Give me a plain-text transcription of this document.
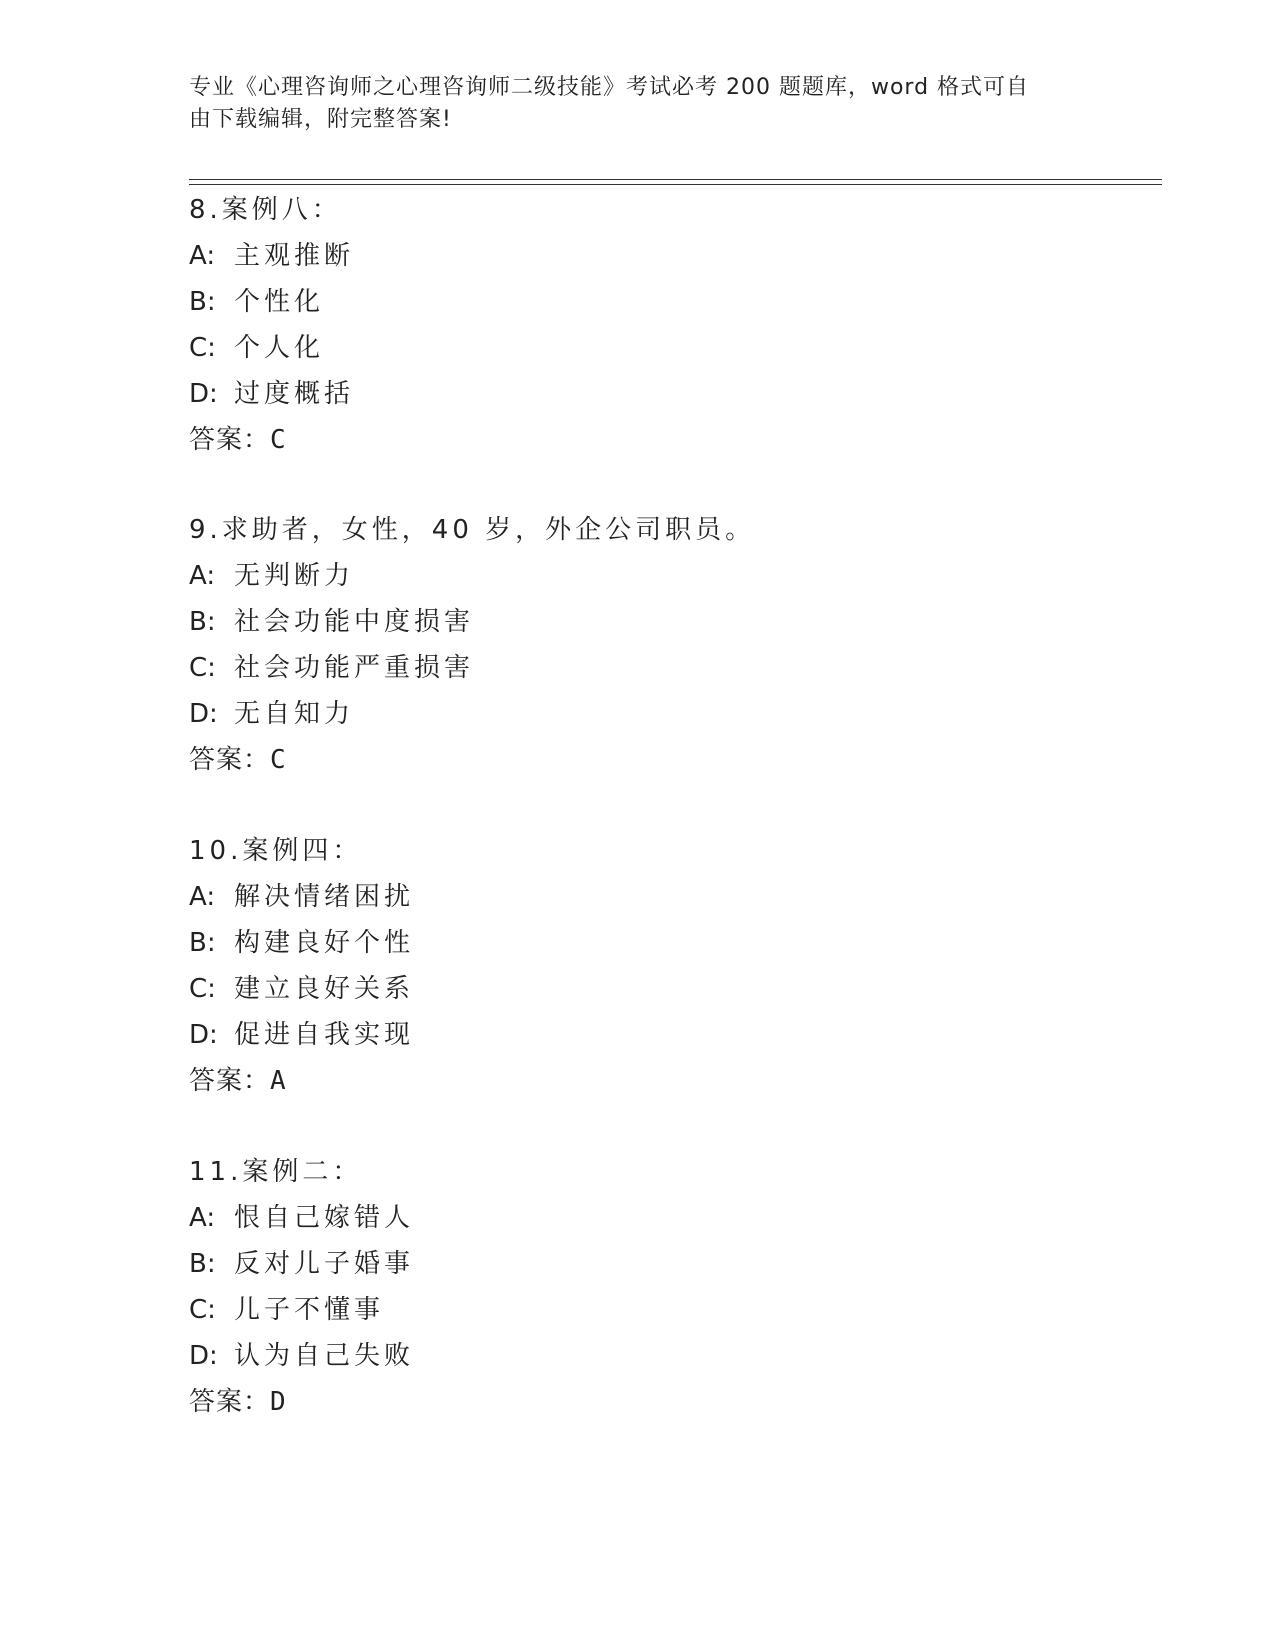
专业《心理咨询师之心理咨询师二级技能》考试必考 200 题题库，word 格式可自
由下载编辑，附完整答案!
8.案例八：
A: 主观推断
B: 个性化
C: 个人化
D: 过度概括
答案：C
9.求助者，女性，40 岁，外企公司职员。
A: 无判断力
B: 社会功能中度损害
C: 社会功能严重损害
D: 无自知力
答案：C
10.案例四：
A: 解决情绪困扰
B: 构建良好个性
C: 建立良好关系
D: 促进自我实现
答案：A
11.案例二：
A: 恨自己嫁错人
B: 反对儿子婚事
C: 儿子不懂事
D: 认为自己失败
答案：D
